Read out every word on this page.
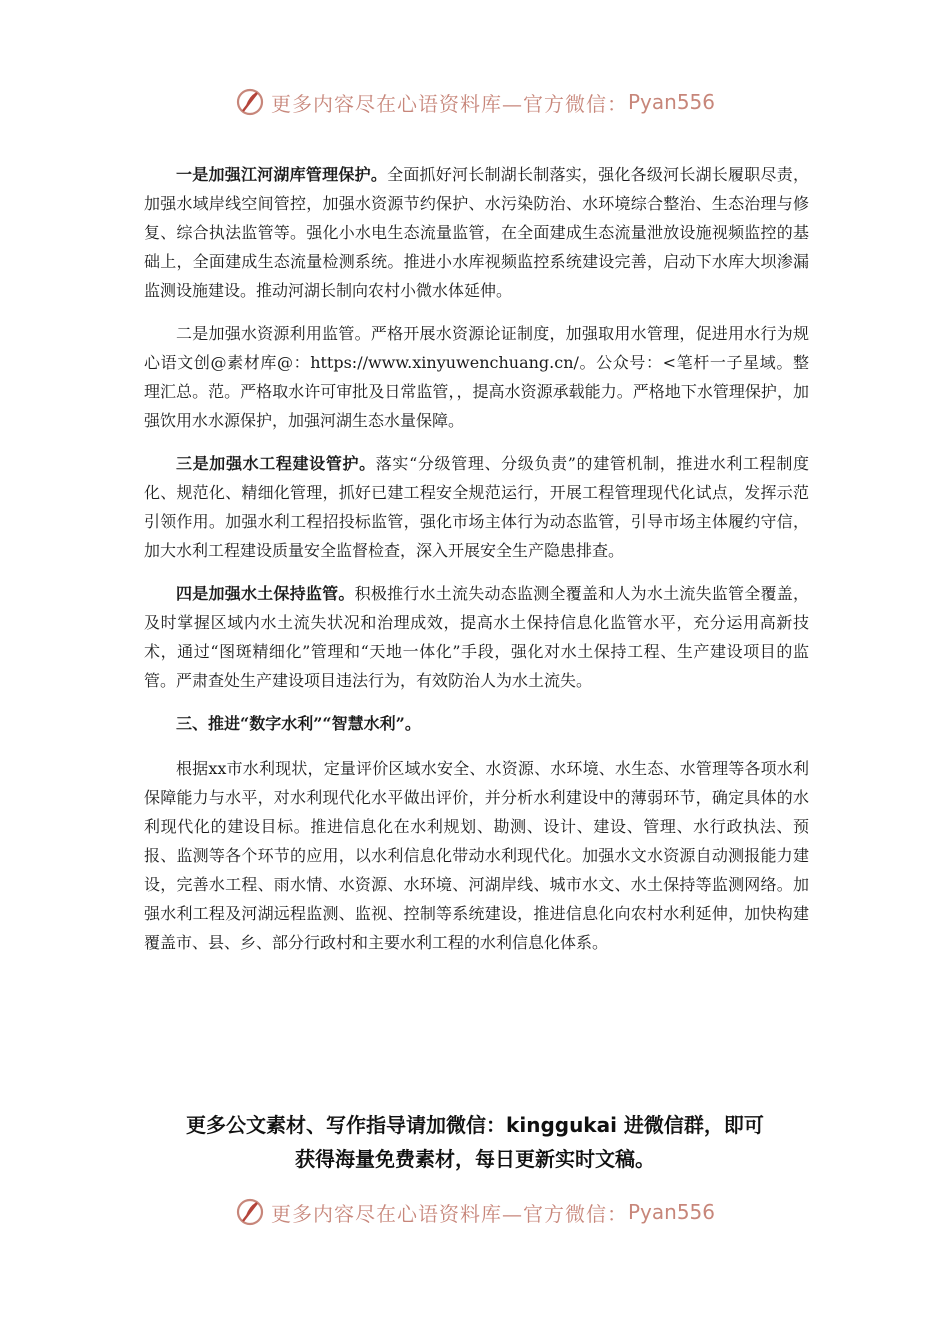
更多内容尽在心语资料库—官方微信： Pyan556

一是加强江河湖库管理保护。全面抓好河长制湖长制落实，强化各级河长湖长履职尽责，加强水域岸线空间管控，加强水资源节约保护、水污染防治、水环境综合整治、生态治理与修复、综合执法监管等。强化小水电生态流量监管，在全面建成生态流量泄放设施视频监控的基础上，全面建成生态流量检测系统。推进小水库视频监控系统建设完善，启动下水库大坝渗漏监测设施建设。推动河湖长制向农村小微水体延伸。

二是加强水资源利用监管。严格开展水资源论证制度，加强取用水管理，促进用水行为规心语文创@素材库@：https://www.xinyuwenchuang.cn/。公众号：<笔杆一子星域。整理汇总。范。严格取水许可审批及日常监管，，提高水资源承载能力。严格地下水管理保护，加强饮用水水源保护，加强河湖生态水量保障。

三是加强水工程建设管护。落实“分级管理、分级负责”的建管机制，推进水利工程制度化、规范化、精细化管理，抓好已建工程安全规范运行，开展工程管理现代化试点，发挥示范引领作用。加强水利工程招投标监管，强化市场主体行为动态监管，引导市场主体履约守信，加大水利工程建设质量安全监督检查，深入开展安全生产隐患排查。

四是加强水土保持监管。积极推行水土流失动态监测全覆盖和人为水土流失监管全覆盖，及时掌握区域内水土流失状况和治理成效，提高水土保持信息化监管水平，充分运用高新技术，通过“图斑精细化”管理和“天地一体化”手段，强化对水土保持工程、生产建设项目的监管。严肃查处生产建设项目违法行为，有效防治人为水土流失。

三、推进“数字水利”“智慧水利”。

根据xx市水利现状，定量评价区域水安全、水资源、水环境、水生态、水管理等各项水利保障能力与水平，对水利现代化水平做出评价，并分析水利建设中的薄弱环节，确定具体的水利现代化的建设目标。推进信息化在水利规划、勘测、设计、建设、管理、水行政执法、预报、监测等各个环节的应用，以水利信息化带动水利现代化。加强水文水资源自动测报能力建设，完善水工程、雨水情、水资源、水环境、河湖岸线、城市水文、水土保持等监测网络。加强水利工程及河湖远程监测、监视、控制等系统建设，推进信息化向农村水利延伸，加快构建覆盖市、县、乡、部分行政村和主要水利工程的水利信息化体系。

更多公文素材、写作指导请加微信：kinggukai 进微信群，即可
获得海量免费素材，每日更新实时文稿。
更多内容尽在心语资料库—官方微信： Pyan556
